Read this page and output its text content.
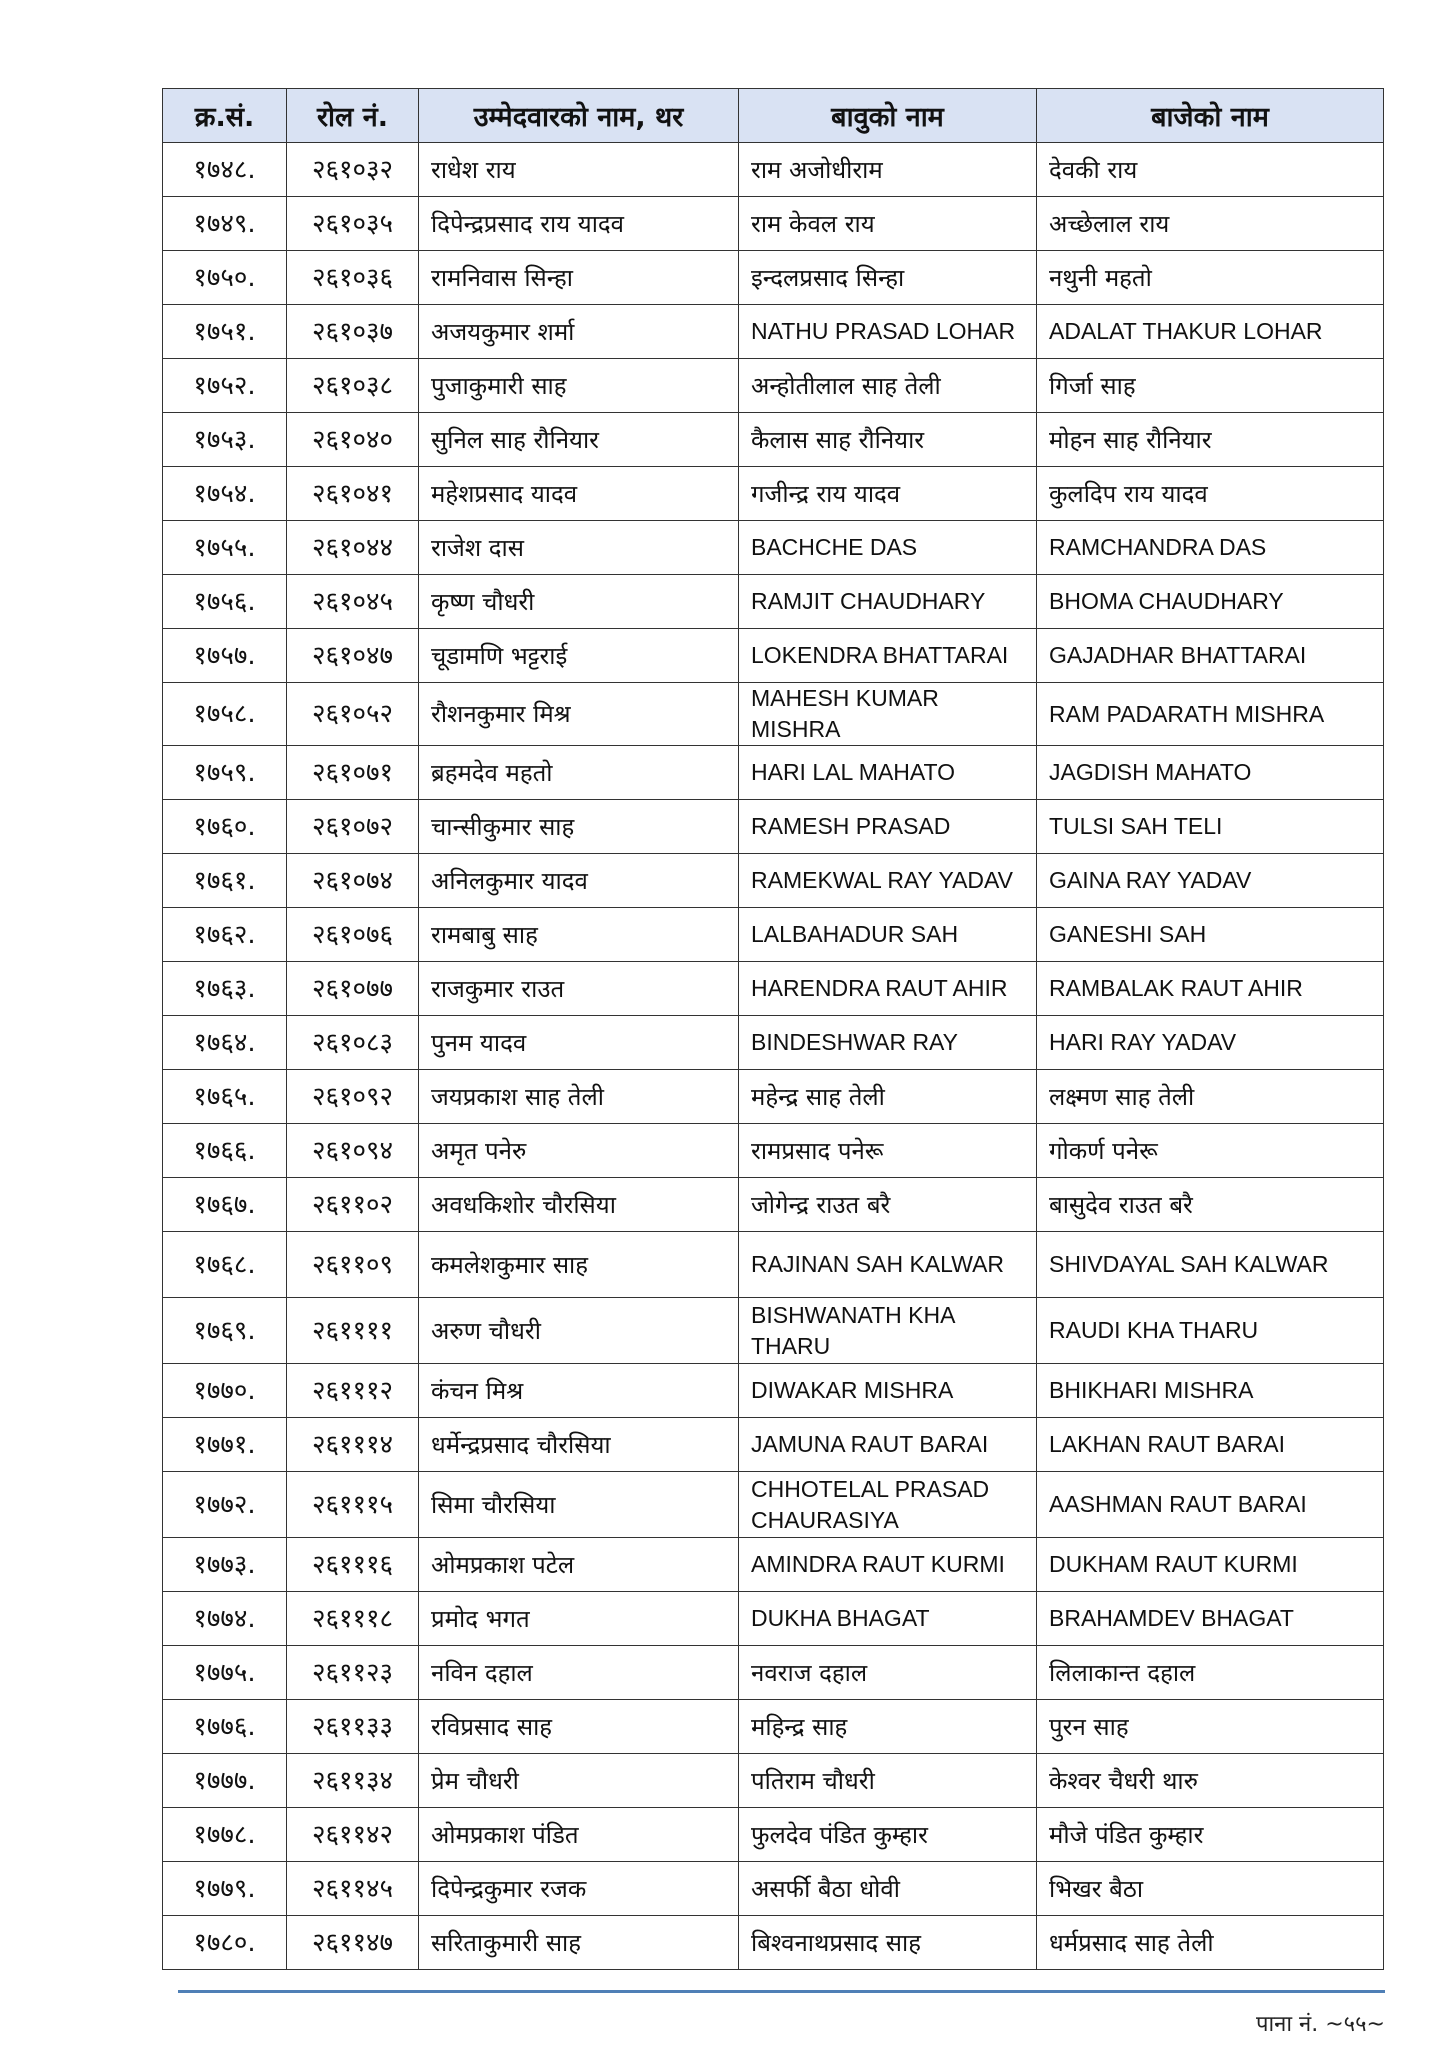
क्र.सं.	रोल नं.	उम्मेदवारको नाम, थर	बावुको नाम	बाजेको नाम
१७४८.	२६१०३२	राधेश राय	राम अजोधीराम	देवकी राय
१७४९.	२६१०३५	दिपेन्द्रप्रसाद राय यादव	राम केवल राय	अच्छेलाल राय
१७५०.	२६१०३६	रामनिवास सिन्हा	इन्दलप्रसाद सिन्हा	नथुनी महतो
१७५१.	२६१०३७	अजयकुमार शर्मा	NATHU PRASAD LOHAR	ADALAT THAKUR LOHAR
१७५२.	२६१०३८	पुजाकुमारी साह	अन्होतीलाल साह तेली	गिर्जा साह
१७५३.	२६१०४०	सुनिल साह रौनियार	कैलास साह रौनियार	मोहन साह रौनियार
१७५४.	२६१०४१	महेशप्रसाद यादव	गजीन्द्र राय यादव	कुलदिप राय यादव
१७५५.	२६१०४४	राजेश दास	BACHCHE DAS	RAMCHANDRA DAS
१७५६.	२६१०४५	कृष्ण चौधरी	RAMJIT CHAUDHARY	BHOMA CHAUDHARY
१७५७.	२६१०४७	चूडामणि भट्टराई	LOKENDRA BHATTARAI	GAJADHAR BHATTARAI
१७५८.	२६१०५२	रौशनकुमार मिश्र	MAHESH KUMAR MISHRA	RAM PADARATH MISHRA
१७५९.	२६१०७१	ब्रहमदेव महतो	HARI LAL MAHATO	JAGDISH MAHATO
१७६०.	२६१०७२	चान्सीकुमार साह	RAMESH PRASAD	TULSI SAH TELI
१७६१.	२६१०७४	अनिलकुमार यादव	RAMEKWAL RAY YADAV	GAINA RAY YADAV
१७६२.	२६१०७६	रामबाबु साह	LALBAHADUR SAH	GANESHI SAH
१७६३.	२६१०७७	राजकुमार राउत	HARENDRA RAUT AHIR	RAMBALAK RAUT AHIR
१७६४.	२६१०८३	पुनम यादव	BINDESHWAR RAY	HARI RAY YADAV
१७६५.	२६१०९२	जयप्रकाश साह तेली	महेन्द्र साह तेली	लक्ष्मण साह तेली
१७६६.	२६१०९४	अमृत पनेरु	रामप्रसाद पनेरू	गोकर्ण पनेरू
१७६७.	२६११०२	अवधकिशोर चौरसिया	जोगेन्द्र राउत बरै	बासुदेव राउत बरै
१७६८.	२६११०९	कमलेशकुमार साह	RAJINAN SAH KALWAR	SHIVDAYAL SAH KALWAR
१७६९.	२६११११	अरुण चौधरी	BISHWANATH KHA THARU	RAUDI KHA THARU
१७७०.	२६१११२	कंचन मिश्र	DIWAKAR MISHRA	BHIKHARI MISHRA
१७७१.	२६१११४	धर्मेन्द्रप्रसाद चौरसिया	JAMUNA RAUT BARAI	LAKHAN RAUT BARAI
१७७२.	२६१११५	सिमा चौरसिया	CHHOTELAL PRASAD CHAURASIYA	AASHMAN RAUT BARAI
१७७३.	२६१११६	ओमप्रकाश पटेल	AMINDRA RAUT KURMI	DUKHAM RAUT KURMI
१७७४.	२६१११८	प्रमोद भगत	DUKHA BHAGAT	BRAHAMDEV BHAGAT
१७७५.	२६११२३	नविन दहाल	नवराज दहाल	लिलाकान्त दहाल
१७७६.	२६११३३	रविप्रसाद साह	महिन्द्र साह	पुरन साह
१७७७.	२६११३४	प्रेम चौधरी	पतिराम चौधरी	केश्वर चैधरी थारु
१७७८.	२६११४२	ओमप्रकाश पंडित	फुलदेव पंडित कुम्हार	मौजे पंडित कुम्हार
१७७९.	२६११४५	दिपेन्द्रकुमार रजक	असर्फी बैठा धोवी	भिखर बैठा
१७८०.	२६११४७	सरिताकुमारी साह	बिश्वनाथप्रसाद साह	धर्मप्रसाद साह तेली
पाना नं. ~५५~
